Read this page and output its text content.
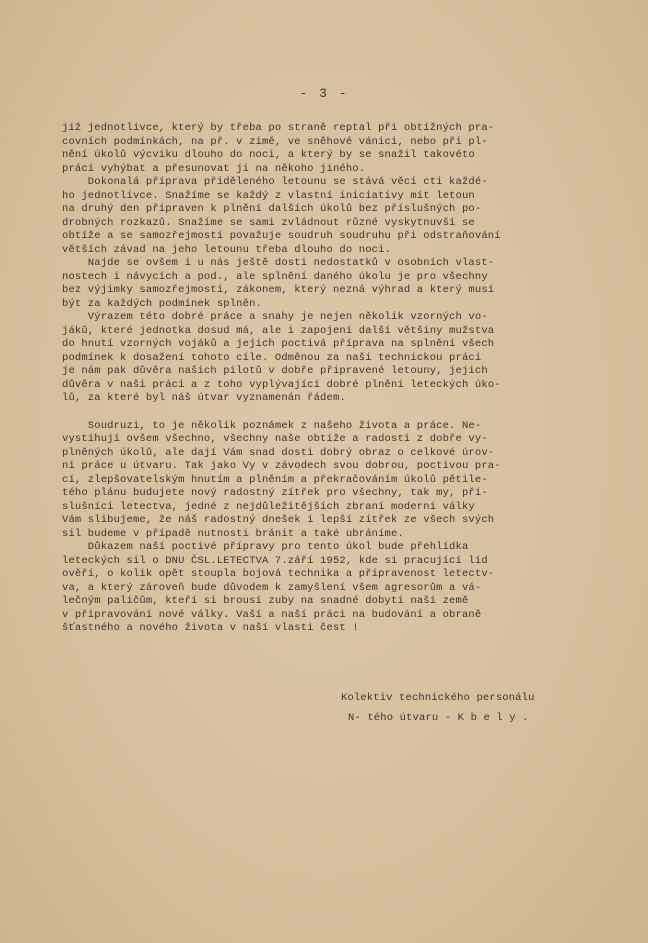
- 3 -
již jednotlivce, který by třeba po straně reptal při obtížných pra-
covních podmínkách, na př. v zimě, ve sněhové vánici, nebo při pl-
nění úkolů výcviku dlouho do noci, a který by se snažil takovéto
práci vyhýbat a přesunovat ji na někoho jiného.
Dokonalá příprava přiděleného letounu se stává věcí cti každé-
ho jednotlivce. Snažíme se každý z vlastní iniciativy mít letoun
na druhý den připraven k plnění dalších úkolů bez příslušných po-
drobných rozkazů. Snažíme se sami zvládnout různé vyskytnuvší se
obtíže a se samozřejmostí považuje soudruh soudruhu při odstraňování
větších závad na jeho letounu třeba dlouho do noci.
Najde se ovšem i u nás ještě dosti nedostatků v osobních vlast-
nostech i návycích a pod., ale splnění daného úkolu je pro všechny
bez výjimky samozřejmostí, zákonem, který nezná výhrad a který musí
být za každých podmínek splněn.
Výrazem této dobré práce a snahy je nejen několik vzorných vo-
jáků, které jednotka dosud má, ale i zapojení další většiny mužstva
do hnutí vzorných vojáků a jejich poctivá příprava na splnění všech
podmínek k dosažení tohoto cíle. Odměnou za naši technickou práci
je nám pak důvěra našich pilotů v dobře připravené letouny, jejich
důvěra v naši práci a z toho vyplývající dobré plnění leteckých úko-
lů, za které byl náš útvar vyznamenán řádem.
Soudruzi, to je několik poznámek z našeho života a práce. Ne-
vystihují ovšem všechno, všechny naše obtíže a radosti z dobře vy-
plněných úkolů, ale dají Vám snad dosti dobrý obraz o celkové úrov-
ni práce u útvaru. Tak jako Vy v závodech svou dobrou, poctivou pra-
cí, zlepšovatelským hnutím a plněním a překračováním úkolů pětile-
tého plánu budujete nový radostný zítřek pro všechny, tak my, pří-
slušníci letectva, jedné z nejdůležitějších zbraní moderní války
Vám slibujeme, že náš radostný dnešek i lepší zítřek ze všech svých
sil budeme v případě nutnosti bránit a také ubráníme.
Důkazem naší poctivé přípravy pro tento úkol bude přehlídka
leteckých sil o DNU ČSL.LETECTVA 7.září 1952, kde si pracující lid
ověří, o kolik opět stoupla bojová technika a připravenost letectv-
va, a který zároveň bude důvodem k zamyšlení všem agresorům a vá-
lečným paličům, kteří si brousí zuby na snadné dobytí naší země
v připravování nové války. Vaší a naší práci na budování a obraně
šťastného a nového života v naší vlasti čest !
Kolektiv technického personálu
N- tého útvaru - K b e l y .
